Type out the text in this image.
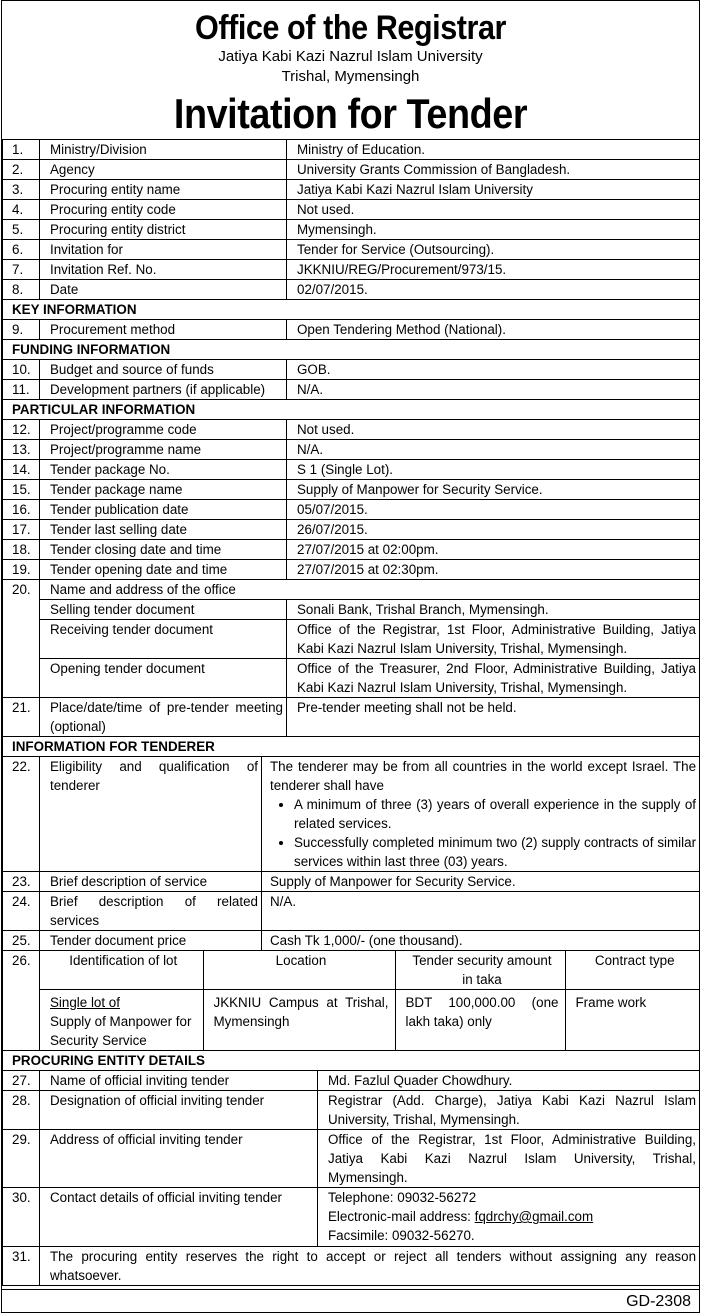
Office of the Registrar
Jatiya Kabi Kazi Nazrul Islam University
Trishal, Mymensingh
Invitation for Tender
1.	Ministry/Division	Ministry of Education.
2.	Agency	University Grants Commission of Bangladesh.
3.	Procuring entity name	Jatiya Kabi Kazi Nazrul Islam University
4.	Procuring entity code	Not used.
5.	Procuring entity district	Mymensingh.
6.	Invitation for	Tender for Service (Outsourcing).
7.	Invitation Ref. No.	JKKNIU/REG/Procurement/973/15.
8.	Date	02/07/2015.
KEY INFORMATION		
9.	Procurement method	Open Tendering Method (National).
FUNDING INFORMATION		
10.	Budget and source of funds	GOB.
11.	Development partners (if applicable)	N/A.
PARTICULAR INFORMATION		
12.	Project/programme code	Not used.
13.	Project/programme name	N/A.
14.	Tender package No.	S 1 (Single Lot).
15.	Tender package name	Supply of Manpower for Security Service.
16.	Tender publication date	05/07/2015.
17.	Tender last selling date	26/07/2015.
18.	Tender closing date and time	27/07/2015 at 02:00pm.
19.	Tender opening date and time	27/07/2015 at 02:30pm.
20.	Name and address of the office	
	Selling tender document	Sonali Bank, Trishal Branch, Mymensingh.
	Receiving tender document	Office of the Registrar, 1st Floor, Administrative Building, Jatiya Kabi Kazi Nazrul Islam University, Trishal, Mymensingh.
	Opening tender document	Office of the Treasurer, 2nd Floor, Administrative Building, Jatiya Kabi Kazi Nazrul Islam University, Trishal, Mymensingh.
21.	Place/date/time of pre-tender meeting (optional)	Pre-tender meeting shall not be held.
INFORMATION FOR TENDERER
22.	Eligibility and qualification of tenderer	
The tenderer may be from all countries in the world except Israel. The tenderer shall have
• A minimum of three (3) years of overall experience in the supply of related services.
• Successfully completed minimum two (2) supply contracts of similar services within last three (03) years.

23.	Brief description of service	Supply of Manpower for Security Service.
24.	Brief description of related services	N/A.
25.	Tender document price	Cash Tk 1,000/- (one thousand).
26.		Identification of lot	Location	Tender security amount in taka	Contract type

Single lot of
Supply of Manpower for Security Service
	JKKNIU Campus at Trishal, Mymensingh	BDT 100,000.00 (one lakh taka) only	Frame work
PROCURING ENTITY DETAILS		
27.	Name of official inviting tender	Md. Fazlul Quader Chowdhury.
28.	Designation of official inviting tender	Registrar (Add. Charge), Jatiya Kabi Kazi Nazrul Islam University, Trishal, Mymensingh.
29.	Address of official inviting tender	Office of the Registrar, 1st Floor, Administrative Building, Jatiya Kabi Kazi Nazrul Islam University, Trishal, Mymensingh.
30.	Contact details of official inviting tender	Telephone: 09032-56272
Electronic-mail address: fqdrchy@gmail.com
Facsimile: 09032-56270.

31.	The procuring entity reserves the right to accept or reject all tenders without assigning any reason whatsoever.	
GD-2308
